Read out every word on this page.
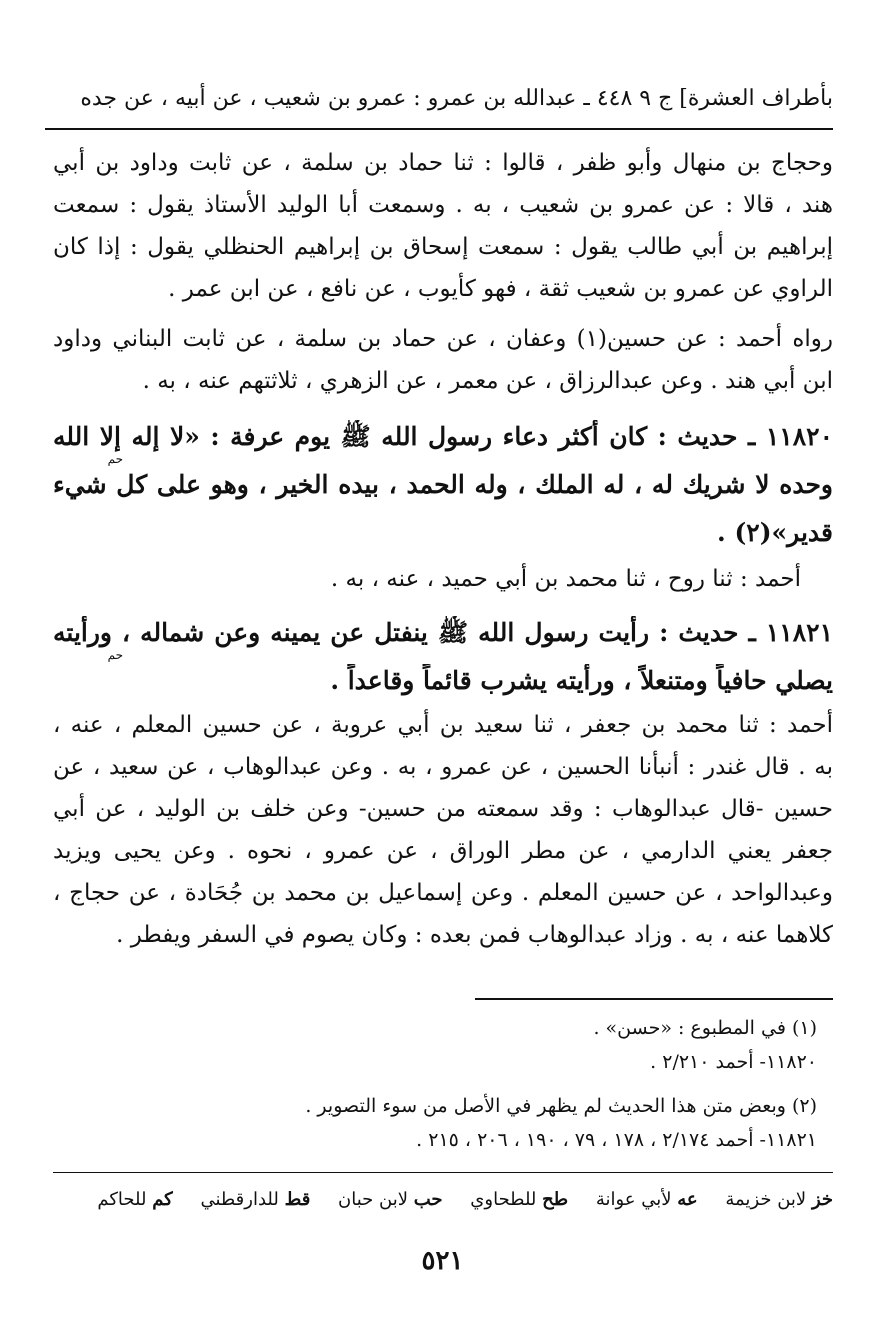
بأطراف العشرة] ج ٩ ٤٤٨ ـ عبدالله بن عمرو : عمرو بن شعيب ، عن أبيه ، عن جده
وحجاج بن منهال وأبو ظفر ، قالوا : ثنا حماد بن سلمة ، عن ثابت وداود بن أبي
هند ، قالا : عن عمرو بن شعيب ، به . وسمعت أبا الوليد الأستاذ يقول : سمعت
إبراهيم بن أبي طالب يقول : سمعت إسحاق بن إبراهيم الحنظلي يقول : إذا كان
الراوي عن عمرو بن شعيب ثقة ، فهو كأيوب ، عن نافع ، عن ابن عمر .
رواه أحمد : عن حسين(١) وعفان ، عن حماد بن سلمة ، عن ثابت البناني وداود
ابن أبي هند . وعن عبدالرزاق ، عن معمر ، عن الزهري ، ثلاثتهم عنه ، به .
١١٨٢٠ ـ حديث : كان أكثر دعاء رسول الله ﷺ يوم عرفة : «لا إله إلا الله
حم
وحده لا شريك له ، له الملك ، وله الحمد ، بيده الخير ، وهو على كل شيء
قدير»(٢) .
أحمد : ثنا روح ، ثنا محمد بن أبي حميد ، عنه ، به .
١١٨٢١ ـ حديث : رأيت رسول الله ﷺ ينفتل عن يمينه وعن شماله ، ورأيته
حم
يصلي حافياً ومتنعلاً ، ورأيته يشرب قائماً وقاعداً .
أحمد : ثنا محمد بن جعفر ، ثنا سعيد بن أبي عروبة ، عن حسين المعلم ، عنه ،
به . قال غندر : أنبأنا الحسين ، عن عمرو ، به . وعن عبدالوهاب ، عن سعيد ، عن
حسين -قال عبدالوهاب : وقد سمعته من حسين- وعن خلف بن الوليد ، عن أبي
جعفر يعني الدارمي ، عن مطر الوراق ، عن عمرو ، نحوه . وعن يحيى ويزيد
وعبدالواحد ، عن حسين المعلم . وعن إسماعيل بن محمد بن جُحَادة ، عن حجاج ،
كلاهما عنه ، به . وزاد عبدالوهاب فمن بعده : وكان يصوم في السفر ويفطر .
(١) في المطبوع : «حسن» .
١١٨٢٠- أحمد ٢/٢١٠ .
(٢) وبعض متن هذا الحديث لم يظهر في الأصل من سوء التصوير .
١١٨٢١- أحمد ٢/١٧٤ ، ١٧٨ ، ٧٩ ، ١٩٠ ، ٢٠٦ ، ٢١٥ .
خز لابن خزيمة عه لأبي عوانة طح للطحاوي حب لابن حبان قط للدارقطني كم للحاكم
٥٢١
